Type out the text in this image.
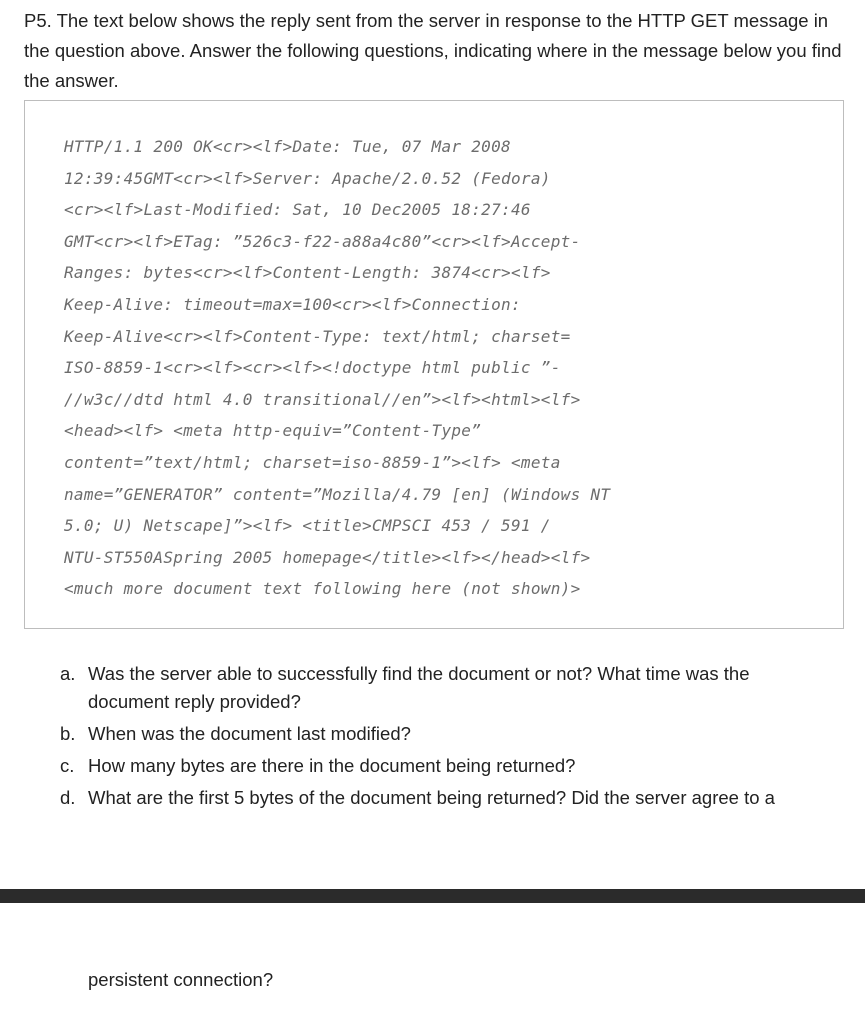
P5. The text below shows the reply sent from the server in response to the HTTP GET message in the question above. Answer the following questions, indicating where in the message below you find the answer.
HTTP/1.1 200 OK<cr><lf>Date: Tue, 07 Mar 2008
12:39:45GMT<cr><lf>Server: Apache/2.0.52 (Fedora)
<cr><lf>Last-Modified: Sat, 10 Dec2005 18:27:46
GMT<cr><lf>ETag: ”526c3-f22-a88a4c80”<cr><lf>Accept-
Ranges: bytes<cr><lf>Content-Length: 3874<cr><lf>
Keep-Alive: timeout=max=100<cr><lf>Connection:
Keep-Alive<cr><lf>Content-Type: text/html; charset=
ISO-8859-1<cr><lf><cr><lf><!doctype html public ”-
//w3c//dtd html 4.0 transitional//en”><lf><html><lf>
<head><lf> <meta http-equiv=”Content-Type”
content=”text/html; charset=iso-8859-1”><lf> <meta
name=”GENERATOR” content=”Mozilla/4.79 [en] (Windows NT
5.0; U) Netscape]”><lf> <title>CMPSCI 453 / 591 /
NTU-ST550ASpring 2005 homepage</title><lf></head><lf>
<much more document text following here (not shown)>
a. Was the server able to successfully find the document or not? What time was the document reply provided?
b. When was the document last modified?
c. How many bytes are there in the document being returned?
d. What are the first 5 bytes of the document being returned? Did the server agree to a
persistent connection?
